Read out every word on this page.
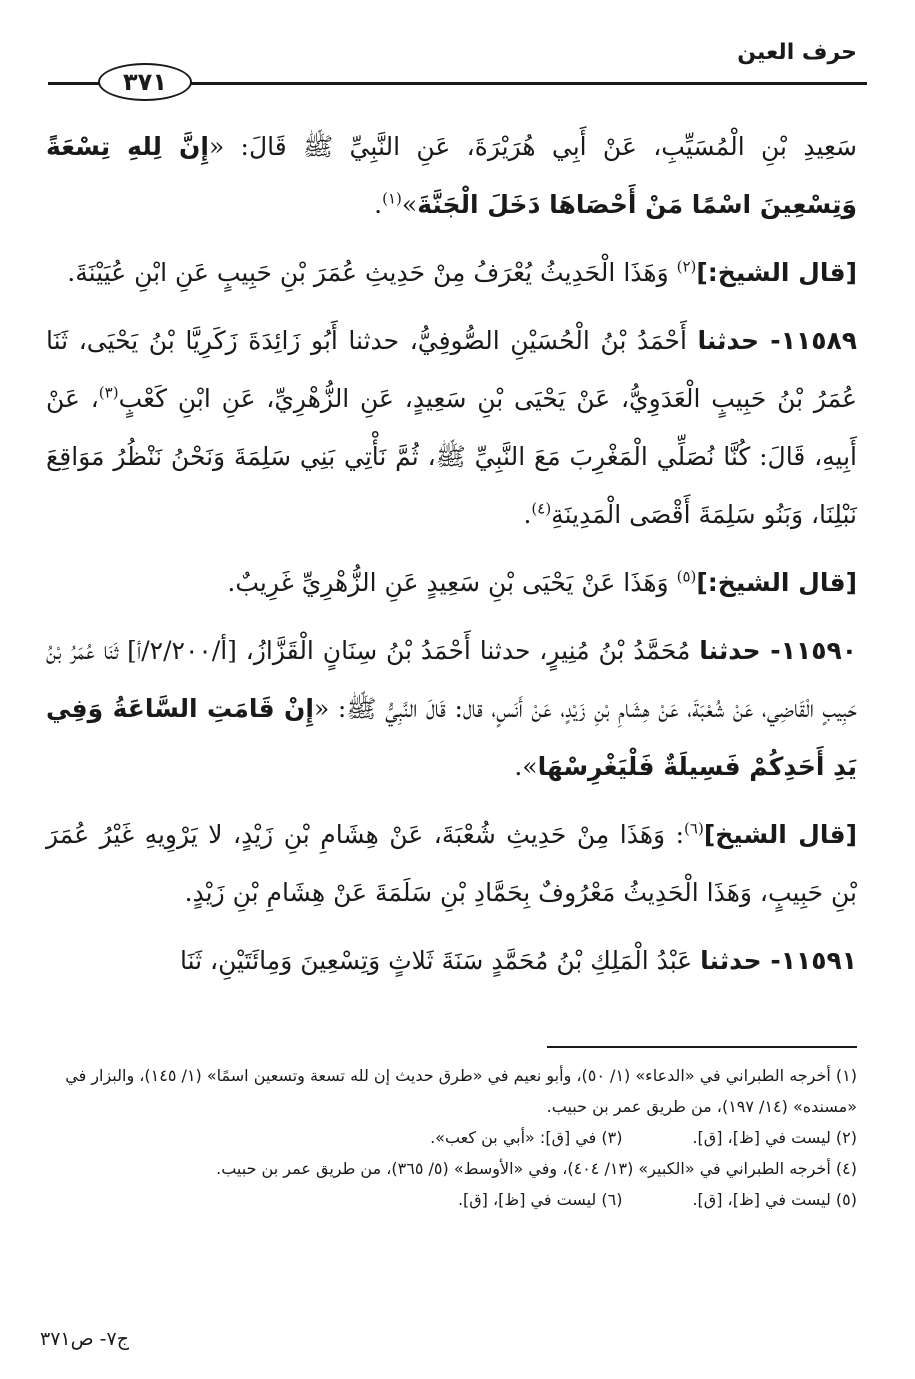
حرف العين
٣٧١

سَعِيدِ بْنِ الْمُسَيِّبِ، عَنْ أَبِي هُرَيْرَةَ، عَنِ النَّبِيِّ ﷺ قَالَ: «إِنَّ لِلهِ تِسْعَةً وَتِسْعِينَ اسْمًا مَنْ أَحْصَاهَا دَخَلَ الْجَنَّةَ»$^{(١)}$.

[قال الشيخ:]$^{(٢)}$ وَهَذَا الْحَدِيثُ يُعْرَفُ مِنْ حَدِيثِ عُمَرَ بْنِ حَبِيبٍ عَنِ ابْنِ عُيَيْنَةَ.

١١٥٨٩- حدثنا أَحْمَدُ بْنُ الْحُسَيْنِ الصُّوفِيُّ، حدثنا أَبُو زَائِدَةَ زَكَرِيَّا بْنُ يَحْيَى، ثَنَا عُمَرُ بْنُ حَبِيبٍ الْعَدَوِيُّ، عَنْ يَحْيَى بْنِ سَعِيدٍ، عَنِ الزُّهْرِيِّ، عَنِ ابْنِ كَعْبٍ$^{(٣)}$، عَنْ أَبِيهِ، قَالَ: كُنَّا نُصَلِّي الْمَغْرِبَ مَعَ النَّبِيِّ ﷺ، ثُمَّ نَأْتِي بَنِي سَلِمَةَ وَنَحْنُ نَنْظُرُ مَوَاقِعَ نَبْلِنَا، وَبَنُو سَلِمَةَ أَقْصَى الْمَدِينَةِ$^{(٤)}$.

[قال الشيخ:]$^{(٥)}$ وَهَذَا عَنْ يَحْيَى بْنِ سَعِيدٍ عَنِ الزُّهْرِيِّ غَرِيبٌ.

١١٥٩٠- حدثنا مُحَمَّدُ بْنُ مُنِيرٍ، حدثنا أَحْمَدُ بْنُ سِنَانٍ الْقَزَّازُ، [أ/٢/٢٠٠/أ] ثَنَا عُمَرُ بْنُ حَبِيبٍ الْقَاضِي، عَنْ شُعْبَةَ، عَنْ هِشَامِ بْنِ زَيْدٍ، عَنْ أَنَسٍ، قال: قَالَ النَّبِيُّ ﷺ: «إِنْ قَامَتِ السَّاعَةُ وَفِي يَدِ أَحَدِكُمْ فَسِيلَةٌ فَلْيَغْرِسْهَا».

[قال الشيخ]$^{(٦)}$: وَهَذَا مِنْ حَدِيثِ شُعْبَةَ، عَنْ هِشَامِ بْنِ زَيْدٍ، لا يَرْوِيهِ غَيْرُ عُمَرَ بْنِ حَبِيبٍ، وَهَذَا الْحَدِيثُ مَعْرُوفٌ بِحَمَّادِ بْنِ سَلَمَةَ عَنْ هِشَامِ بْنِ زَيْدٍ.

١١٥٩١- حدثنا عَبْدُ الْمَلِكِ بْنُ مُحَمَّدٍ سَنَةَ ثَلاثٍ وَتِسْعِينَ وَمِائَتَيْنِ، ثَنَا

(١) أخرجه الطبراني في «الدعاء» (١/ ٥٠)، وأبو نعيم في «طرق حديث إن لله تسعة وتسعين اسمًا» (١/ ١٤٥)، والبزار في «مسنده» (١٤/ ١٩٧)، من طريق عمر بن حبيب.

(٢) ليست في [ظ]، [ق].
(٣) في [ق]: «أبي بن كعب».

(٤) أخرجه الطبراني في «الكبير» (١٣/ ٤٠٤)، وفي «الأوسط» (٥/ ٣٦٥)، من طريق عمر بن حبيب.

(٥) ليست في [ظ]، [ق].
(٦) ليست في [ظ]، [ق].

ج٧- ص٣٧١
